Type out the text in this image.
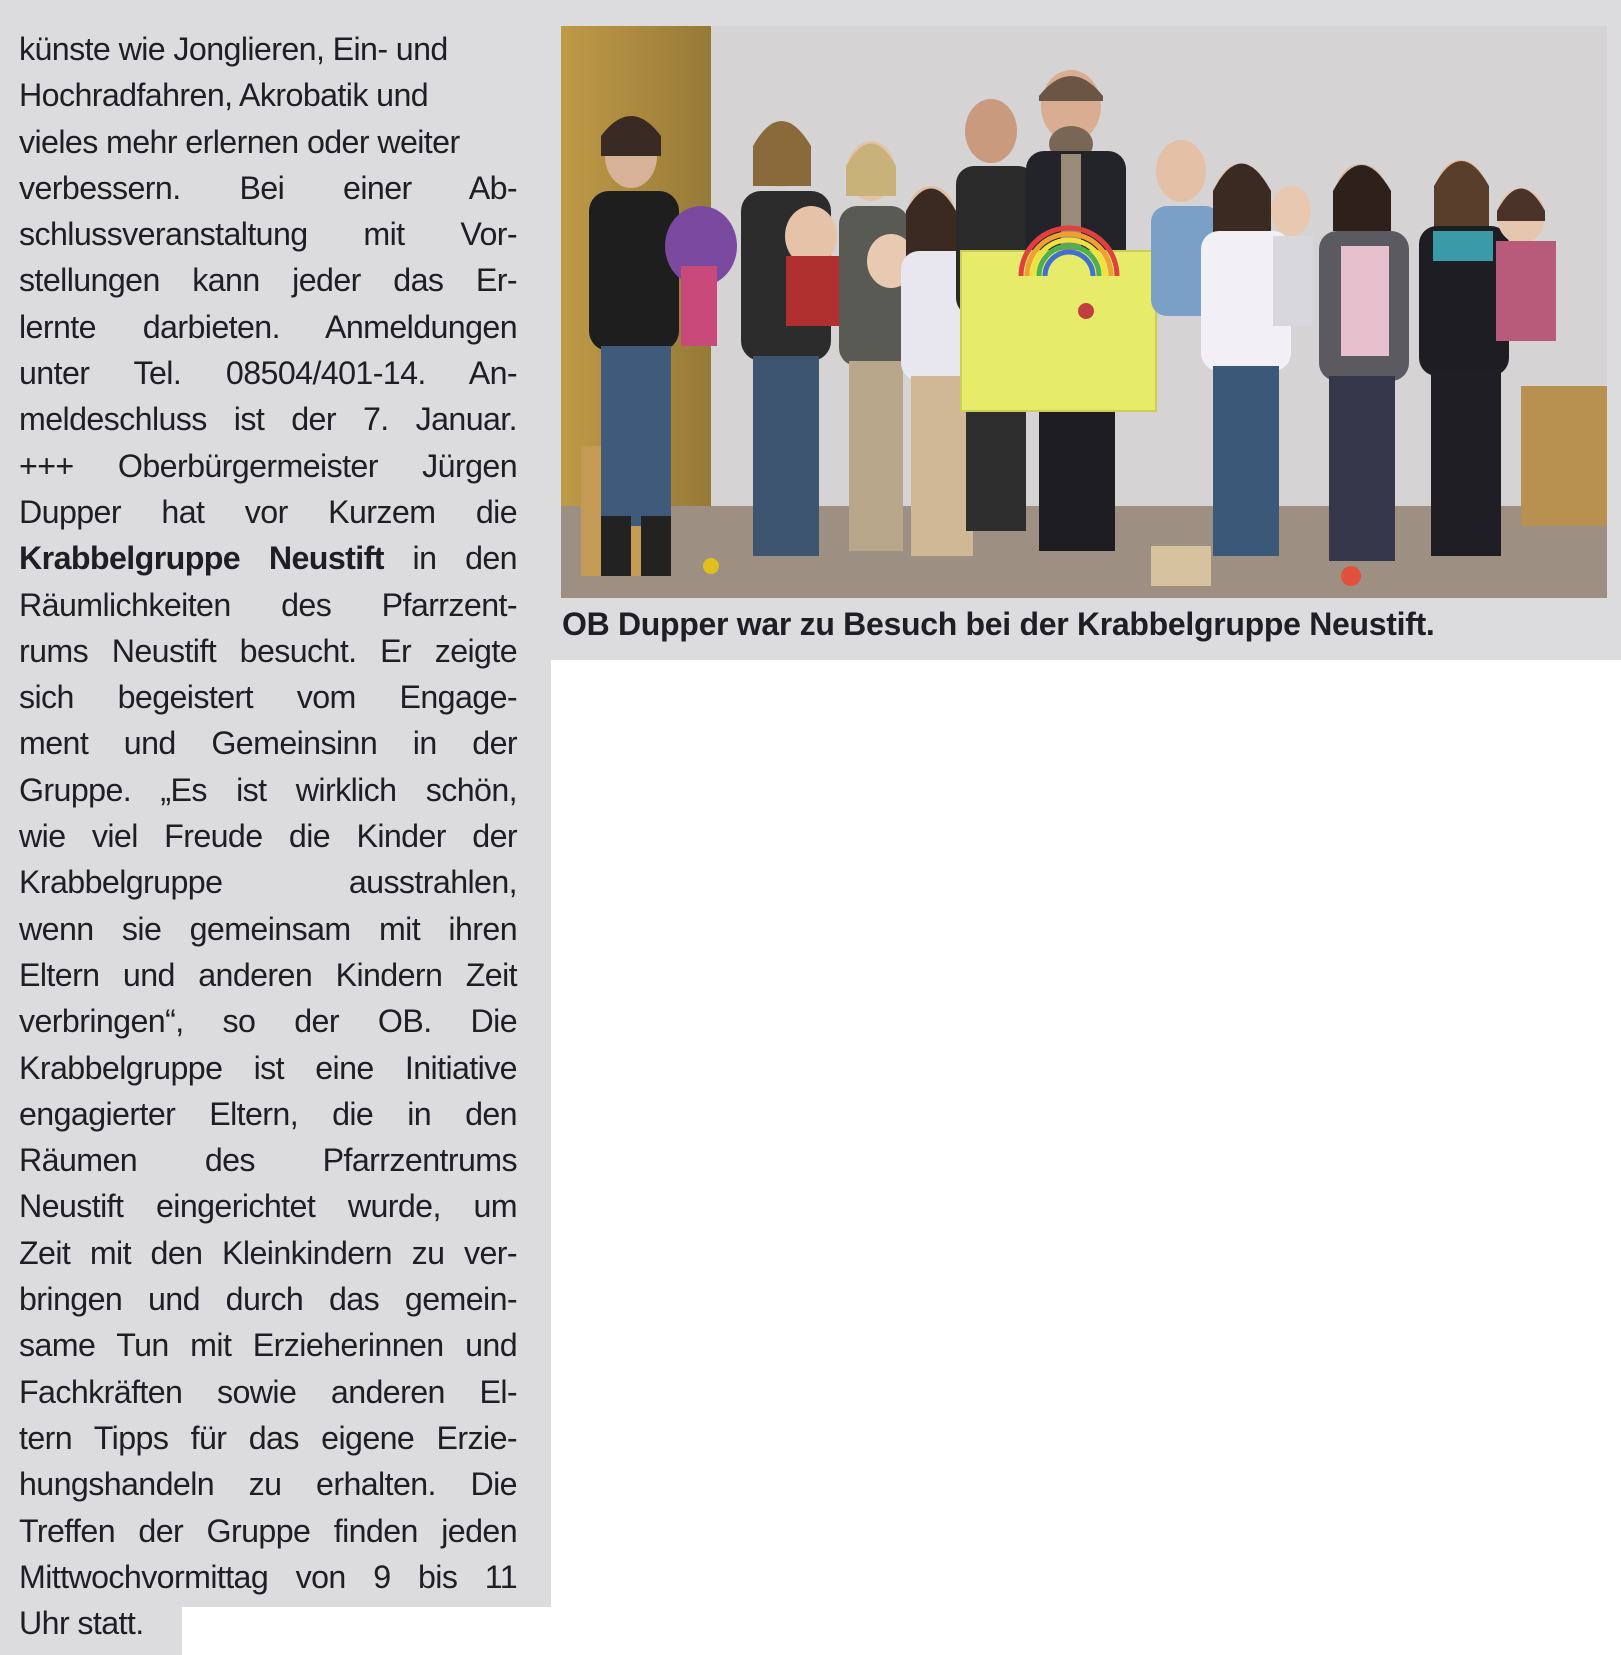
künste wie Jonglieren, Ein- und

Hochradfahren, Akrobatik und

vieles mehr erlernen oder weiter

verbessern. Bei einer Ab-

schlussveranstaltung mit Vor-

stellungen kann jeder das Er-

lernte darbieten. Anmeldungen

unter Tel. 08504/401-14. An-

meldeschluss ist der 7. Januar.

+++ Oberbürgermeister Jürgen

Dupper hat vor Kurzem die

Krabbelgruppe Neustift in den

Räumlichkeiten des Pfarrzent-

rums Neustift besucht. Er zeigte

sich begeistert vom Engage-

ment und Gemeinsinn in der

Gruppe. „Es ist wirklich schön,

wie viel Freude die Kinder der

Krabbelgruppe ausstrahlen,

wenn sie gemeinsam mit ihren

Eltern und anderen Kindern Zeit

verbringen“, so der OB. Die

Krabbelgruppe ist eine Initiative

engagierter Eltern, die in den

Räumen des Pfarrzentrums

Neustift eingerichtet wurde, um

Zeit mit den Kleinkindern zu ver-

bringen und durch das gemein-

same Tun mit Erzieherinnen und

Fachkräften sowie anderen El-

tern Tipps für das eigene Erzie-

hungshandeln zu erhalten. Die

Treffen der Gruppe finden jeden

Mittwochvormittag von 9 bis 11

Uhr statt.

OB Dupper war zu Besuch bei der Krabbelgruppe Neustift.
